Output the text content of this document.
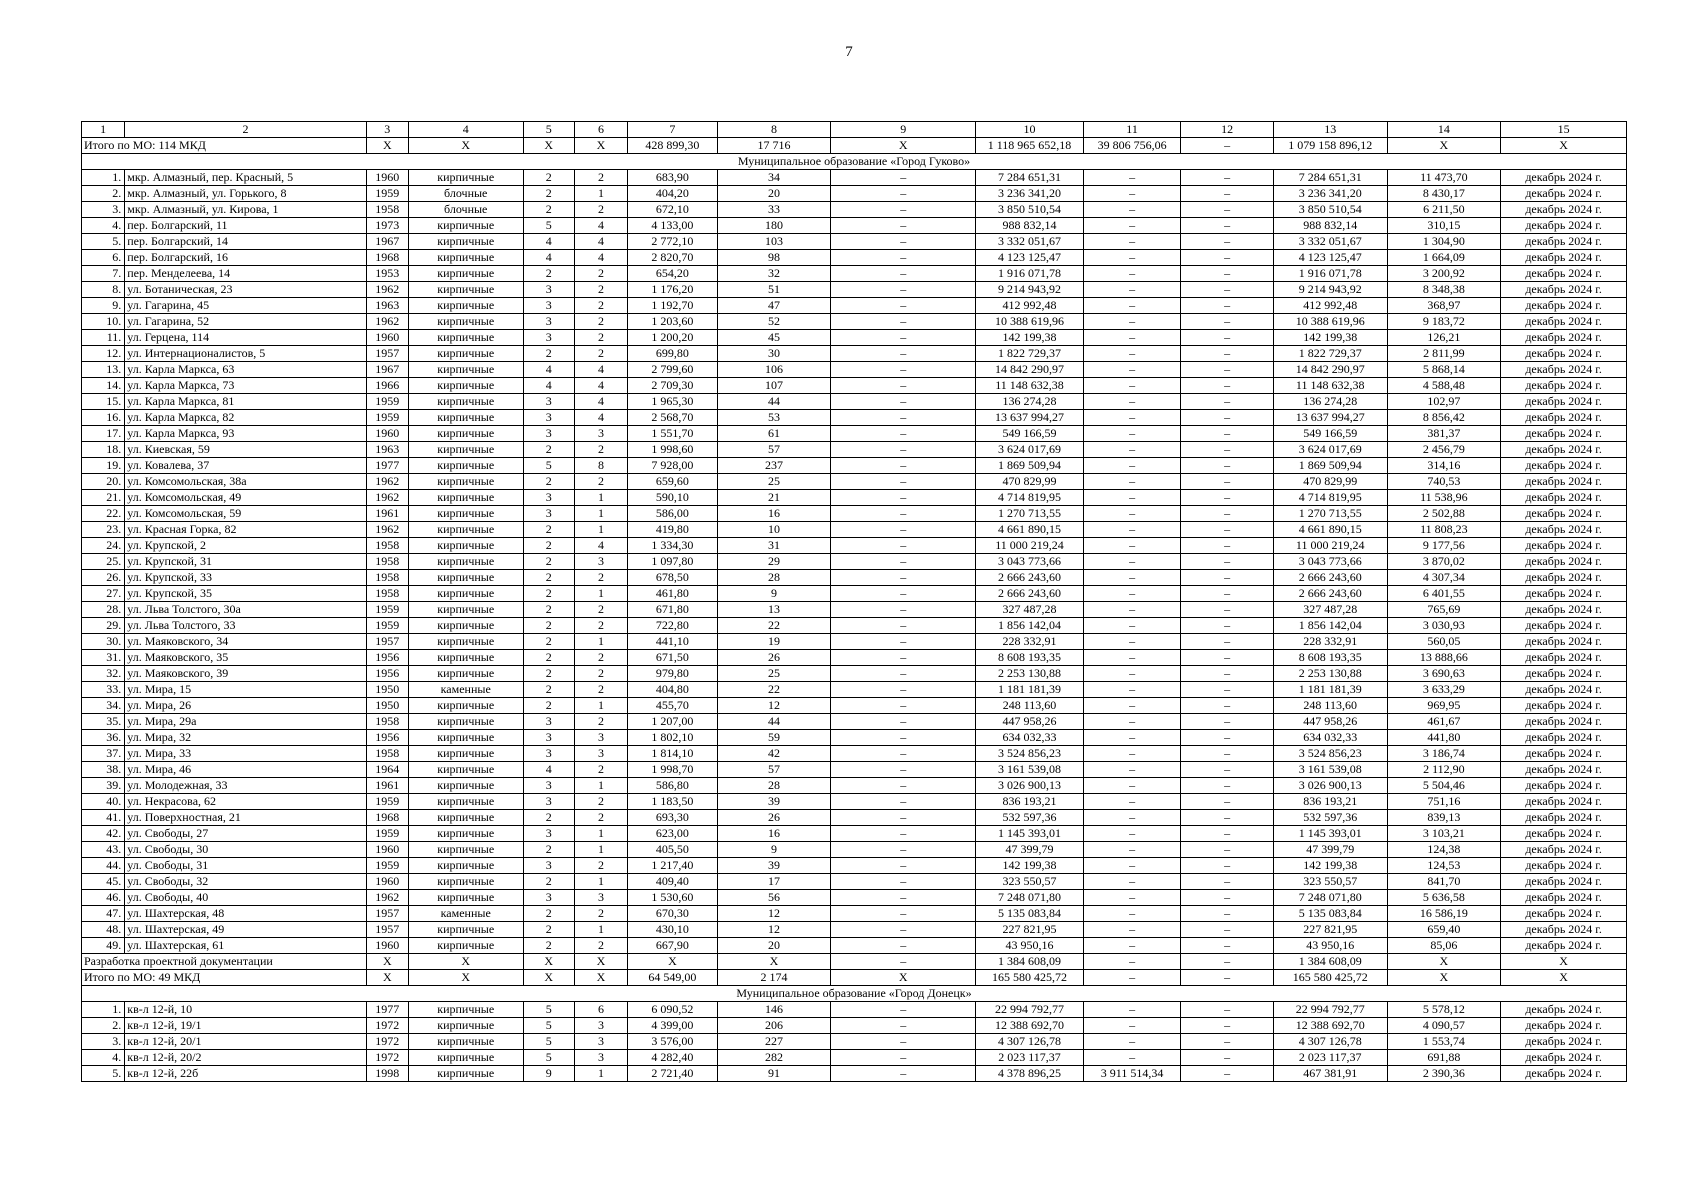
7
1	2	3	4	5	6	7	8	9	10	11	12	13	14	15
Итого по МО: 114 МКД		X	X	X	X	428 899,30	17 716	X	1 118 965 652,18	39 806 756,06	–	1 079 158 896,12	X	X
Муниципальное образование «Город Гуково»														
1.	мкр. Алмазный, пер. Красный, 5	1960	кирпичные	2	2	683,90	34	–	7 284 651,31	–	–	7 284 651,31	11 473,70	декабрь 2024 г.
2.	мкр. Алмазный, ул. Горького, 8	1959	блочные	2	1	404,20	20	–	3 236 341,20	–	–	3 236 341,20	8 430,17	декабрь 2024 г.
3.	мкр. Алмазный, ул. Кирова, 1	1958	блочные	2	2	672,10	33	–	3 850 510,54	–	–	3 850 510,54	6 211,50	декабрь 2024 г.
4.	пер. Болгарский, 11	1973	кирпичные	5	4	4 133,00	180	–	988 832,14	–	–	988 832,14	310,15	декабрь 2024 г.
5.	пер. Болгарский, 14	1967	кирпичные	4	4	2 772,10	103	–	3 332 051,67	–	–	3 332 051,67	1 304,90	декабрь 2024 г.
6.	пер. Болгарский, 16	1968	кирпичные	4	4	2 820,70	98	–	4 123 125,47	–	–	4 123 125,47	1 664,09	декабрь 2024 г.
7.	пер. Менделеева, 14	1953	кирпичные	2	2	654,20	32	–	1 916 071,78	–	–	1 916 071,78	3 200,92	декабрь 2024 г.
8.	ул. Ботаническая, 23	1962	кирпичные	3	2	1 176,20	51	–	9 214 943,92	–	–	9 214 943,92	8 348,38	декабрь 2024 г.
9.	ул. Гагарина, 45	1963	кирпичные	3	2	1 192,70	47	–	412 992,48	–	–	412 992,48	368,97	декабрь 2024 г.
10.	ул. Гагарина, 52	1962	кирпичные	3	2	1 203,60	52	–	10 388 619,96	–	–	10 388 619,96	9 183,72	декабрь 2024 г.
11.	ул. Герцена, 114	1960	кирпичные	3	2	1 200,20	45	–	142 199,38	–	–	142 199,38	126,21	декабрь 2024 г.
12.	ул. Интернационалистов, 5	1957	кирпичные	2	2	699,80	30	–	1 822 729,37	–	–	1 822 729,37	2 811,99	декабрь 2024 г.
13.	ул. Карла Маркса, 63	1967	кирпичные	4	4	2 799,60	106	–	14 842 290,97	–	–	14 842 290,97	5 868,14	декабрь 2024 г.
14.	ул. Карла Маркса, 73	1966	кирпичные	4	4	2 709,30	107	–	11 148 632,38	–	–	11 148 632,38	4 588,48	декабрь 2024 г.
15.	ул. Карла Маркса, 81	1959	кирпичные	3	4	1 965,30	44	–	136 274,28	–	–	136 274,28	102,97	декабрь 2024 г.
16.	ул. Карла Маркса, 82	1959	кирпичные	3	4	2 568,70	53	–	13 637 994,27	–	–	13 637 994,27	8 856,42	декабрь 2024 г.
17.	ул. Карла Маркса, 93	1960	кирпичные	3	3	1 551,70	61	–	549 166,59	–	–	549 166,59	381,37	декабрь 2024 г.
18.	ул. Киевская, 59	1963	кирпичные	2	2	1 998,60	57	–	3 624 017,69	–	–	3 624 017,69	2 456,79	декабрь 2024 г.
19.	ул. Ковалева, 37	1977	кирпичные	5	8	7 928,00	237	–	1 869 509,94	–	–	1 869 509,94	314,16	декабрь 2024 г.
20.	ул. Комсомольская, 38а	1962	кирпичные	2	2	659,60	25	–	470 829,99	–	–	470 829,99	740,53	декабрь 2024 г.
21.	ул. Комсомольская, 49	1962	кирпичные	3	1	590,10	21	–	4 714 819,95	–	–	4 714 819,95	11 538,96	декабрь 2024 г.
22.	ул. Комсомольская, 59	1961	кирпичные	3	1	586,00	16	–	1 270 713,55	–	–	1 270 713,55	2 502,88	декабрь 2024 г.
23.	ул. Красная Горка, 82	1962	кирпичные	2	1	419,80	10	–	4 661 890,15	–	–	4 661 890,15	11 808,23	декабрь 2024 г.
24.	ул. Крупской, 2	1958	кирпичные	2	4	1 334,30	31	–	11 000 219,24	–	–	11 000 219,24	9 177,56	декабрь 2024 г.
25.	ул. Крупской, 31	1958	кирпичные	2	3	1 097,80	29	–	3 043 773,66	–	–	3 043 773,66	3 870,02	декабрь 2024 г.
26.	ул. Крупской, 33	1958	кирпичные	2	2	678,50	28	–	2 666 243,60	–	–	2 666 243,60	4 307,34	декабрь 2024 г.
27.	ул. Крупской, 35	1958	кирпичные	2	1	461,80	9	–	2 666 243,60	–	–	2 666 243,60	6 401,55	декабрь 2024 г.
28.	ул. Льва Толстого, 30а	1959	кирпичные	2	2	671,80	13	–	327 487,28	–	–	327 487,28	765,69	декабрь 2024 г.
29.	ул. Льва Толстого, 33	1959	кирпичные	2	2	722,80	22	–	1 856 142,04	–	–	1 856 142,04	3 030,93	декабрь 2024 г.
30.	ул. Маяковского, 34	1957	кирпичные	2	1	441,10	19	–	228 332,91	–	–	228 332,91	560,05	декабрь 2024 г.
31.	ул. Маяковского, 35	1956	кирпичные	2	2	671,50	26	–	8 608 193,35	–	–	8 608 193,35	13 888,66	декабрь 2024 г.
32.	ул. Маяковского, 39	1956	кирпичные	2	2	979,80	25	–	2 253 130,88	–	–	2 253 130,88	3 690,63	декабрь 2024 г.
33.	ул. Мира, 15	1950	каменные	2	2	404,80	22	–	1 181 181,39	–	–	1 181 181,39	3 633,29	декабрь 2024 г.
34.	ул. Мира, 26	1950	кирпичные	2	1	455,70	12	–	248 113,60	–	–	248 113,60	969,95	декабрь 2024 г.
35.	ул. Мира, 29а	1958	кирпичные	3	2	1 207,00	44	–	447 958,26	–	–	447 958,26	461,67	декабрь 2024 г.
36.	ул. Мира, 32	1956	кирпичные	3	3	1 802,10	59	–	634 032,33	–	–	634 032,33	441,80	декабрь 2024 г.
37.	ул. Мира, 33	1958	кирпичные	3	3	1 814,10	42	–	3 524 856,23	–	–	3 524 856,23	3 186,74	декабрь 2024 г.
38.	ул. Мира, 46	1964	кирпичные	4	2	1 998,70	57	–	3 161 539,08	–	–	3 161 539,08	2 112,90	декабрь 2024 г.
39.	ул. Молодежная, 33	1961	кирпичные	3	1	586,80	28	–	3 026 900,13	–	–	3 026 900,13	5 504,46	декабрь 2024 г.
40.	ул. Некрасова, 62	1959	кирпичные	3	2	1 183,50	39	–	836 193,21	–	–	836 193,21	751,16	декабрь 2024 г.
41.	ул. Поверхностная, 21	1968	кирпичные	2	2	693,30	26	–	532 597,36	–	–	532 597,36	839,13	декабрь 2024 г.
42.	ул. Свободы, 27	1959	кирпичные	3	1	623,00	16	–	1 145 393,01	–	–	1 145 393,01	3 103,21	декабрь 2024 г.
43.	ул. Свободы, 30	1960	кирпичные	2	1	405,50	9	–	47 399,79	–	–	47 399,79	124,38	декабрь 2024 г.
44.	ул. Свободы, 31	1959	кирпичные	3	2	1 217,40	39	–	142 199,38	–	–	142 199,38	124,53	декабрь 2024 г.
45.	ул. Свободы, 32	1960	кирпичные	2	1	409,40	17	–	323 550,57	–	–	323 550,57	841,70	декабрь 2024 г.
46.	ул. Свободы, 40	1962	кирпичные	3	3	1 530,60	56	–	7 248 071,80	–	–	7 248 071,80	5 636,58	декабрь 2024 г.
47.	ул. Шахтерская, 48	1957	каменные	2	2	670,30	12	–	5 135 083,84	–	–	5 135 083,84	16 586,19	декабрь 2024 г.
48.	ул. Шахтерская, 49	1957	кирпичные	2	1	430,10	12	–	227 821,95	–	–	227 821,95	659,40	декабрь 2024 г.
49.	ул. Шахтерская, 61	1960	кирпичные	2	2	667,90	20	–	43 950,16	–	–	43 950,16	85,06	декабрь 2024 г.
Разработка проектной документации		X	X	X	X	X	X	–	1 384 608,09	–	–	1 384 608,09	X	X
Итого по МО: 49 МКД		X	X	X	X	64 549,00	2 174	X	165 580 425,72	–	–	165 580 425,72	X	X
Муниципальное образование «Город Донецк»														
1.	кв-л 12-й, 10	1977	кирпичные	5	6	6 090,52	146	–	22 994 792,77	–	–	22 994 792,77	5 578,12	декабрь 2024 г.
2.	кв-л 12-й, 19/1	1972	кирпичные	5	3	4 399,00	206	–	12 388 692,70	–	–	12 388 692,70	4 090,57	декабрь 2024 г.
3.	кв-л 12-й, 20/1	1972	кирпичные	5	3	3 576,00	227	–	4 307 126,78	–	–	4 307 126,78	1 553,74	декабрь 2024 г.
4.	кв-л 12-й, 20/2	1972	кирпичные	5	3	4 282,40	282	–	2 023 117,37	–	–	2 023 117,37	691,88	декабрь 2024 г.
5.	кв-л 12-й, 22б	1998	кирпичные	9	1	2 721,40	91	–	4 378 896,25	3 911 514,34	–	467 381,91	2 390,36	декабрь 2024 г.
